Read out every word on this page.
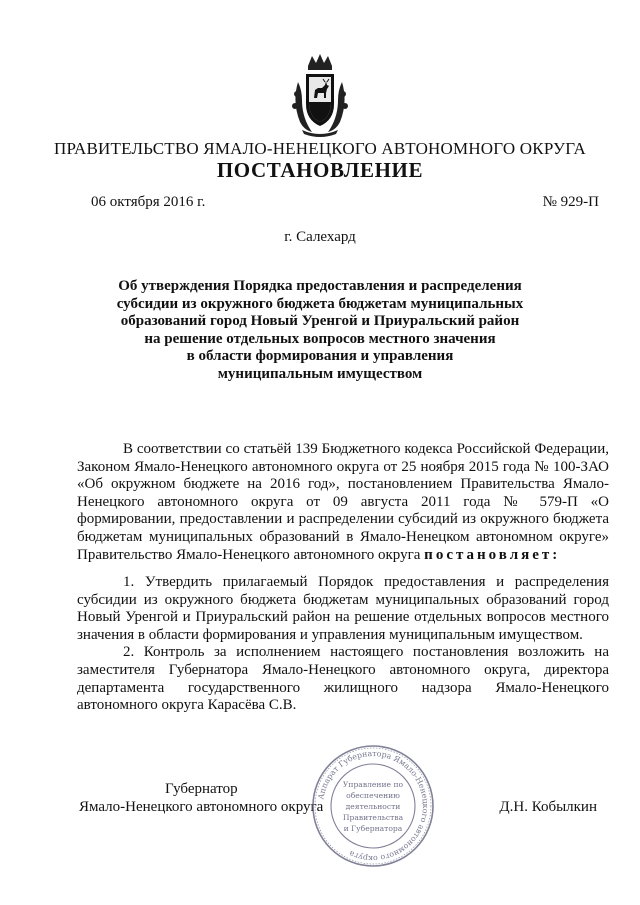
ПРАВИТЕЛЬСТВО ЯМАЛО-НЕНЕЦКОГО АВТОНОМНОГО ОКРУГА
ПОСТАНОВЛЕНИЕ
06 октября 2016 г.	№ 929-П
г. Салехард
Об утверждения Порядка предоставления и распределения
субсидии из окружного бюджета бюджетам муниципальных
образований город Новый Уренгой и Приуральский район
на решение отдельных вопросов местного значения
в области формирования и управления
муниципальным имуществом

В соответствии со статьёй 139 Бюджетного кодекса Российской Федерации, Законом Ямало-Ненецкого автономного округа от 25 ноября 2015 года № 100-ЗАО «Об окружном бюджете на 2016 год», постановлением Правительства Ямало-Ненецкого автономного округа от 09 августа 2011 года № 579-П «О формировании, предоставлении и распределении субсидий из окружного бюджета бюджетам муниципальных образований в Ямало-Ненецком автономном округе» Правительство Ямало-Ненецкого автономного округа постановляет:

1. Утвердить прилагаемый Порядок предоставления и распределения субсидии из окружного бюджета бюджетам муниципальных образований город Новый Уренгой и Приуральский район на решение отдельных вопросов местного значения в области формирования и управления муниципальным имуществом.

2. Контроль за исполнением настоящего постановления возложить на заместителя Губернатора Ямало-Ненецкого автономного округа, директора департамента государственного жилищного надзора Ямало-Ненецкого автономного округа Карасёва С.В.

Губернатор
Ямало-Ненецкого автономного округа	Д.Н. Кобылкин
Аппарат Губернатора Ямало-Ненецкого автономного округа
Управление по
обеспечению
деятельности
Правительства
и Губернатора
